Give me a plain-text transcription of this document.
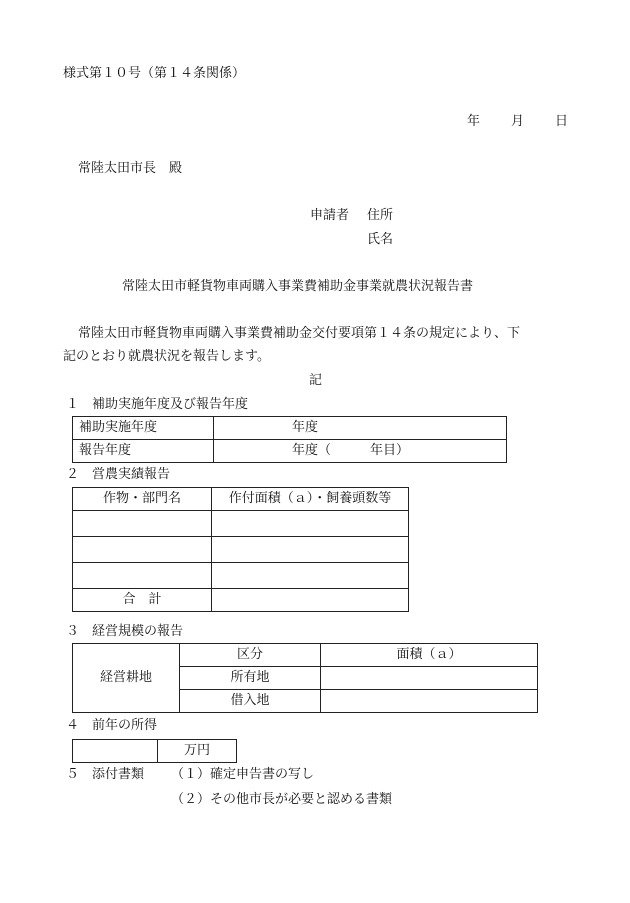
様式第１０号（第１４条関係）
年 月 日
常陸太田市長　殿
申請者 住所
氏名
常陸太田市軽貨物車両購入事業費補助金事業就農状況報告書
常陸太田市軽貨物車両購入事業費補助金交付要項第１４条の規定により、下
記のとおり就農状況を報告します。
記
１　補助実施年度及び報告年度
補助実施年度	年度
報告年度	年度（　　　年目）
２　営農実績報告
作物・部門名	作付面積（ａ）・飼養頭数等

合　計	
３　経営規模の報告
経営耕地	区分	面積（ａ）
	所有地	
	借入地	
４　前年の所得
	万円
５　添付書類 （１）確定申告書の写し
（２）その他市長が必要と認める書類
